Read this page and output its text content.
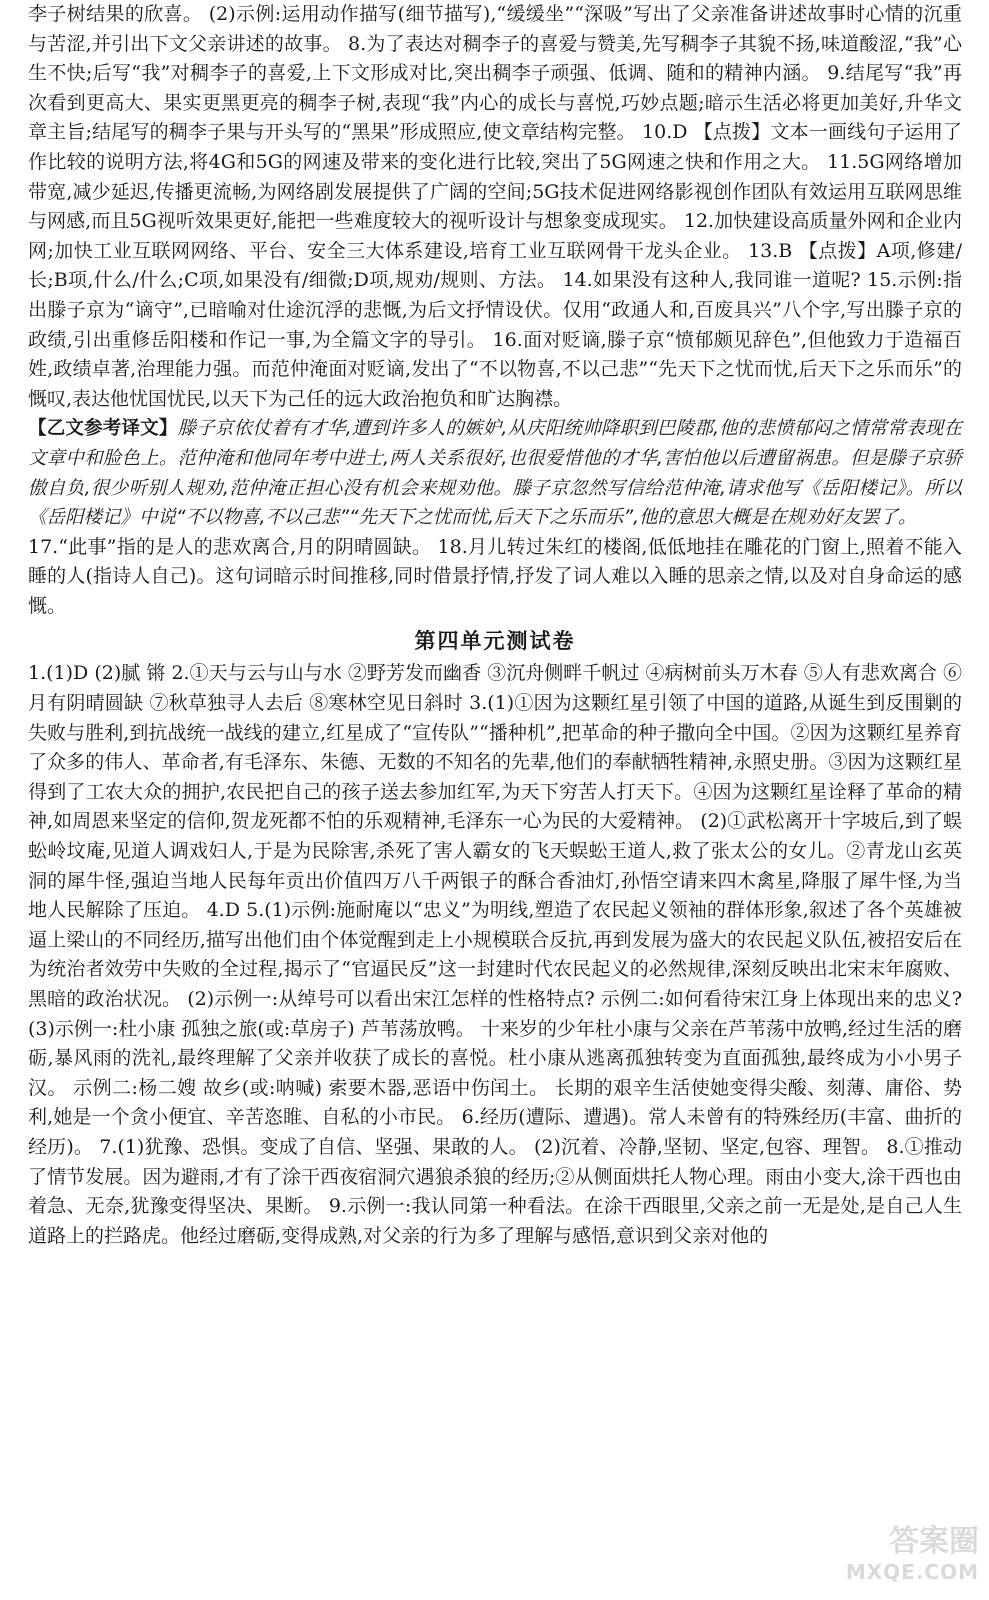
李子树结果的欣喜。 (2)示例:运用动作描写(细节描写),“缓缓坐”“深吸”写出了父亲准备讲述故事时心情的沉重与苦涩,并引出下文父亲讲述的故事。 8.为了表达对稠李子的喜爱与赞美,先写稠李子其貌不扬,味道酸涩,“我”心生不快;后写“我”对稠李子的喜爱,上下文形成对比,突出稠李子顽强、低调、随和的精神内涵。 9.结尾写“我”再次看到更高大、果实更黑更亮的稠李子树,表现“我”内心的成长与喜悦,巧妙点题;暗示生活必将更加美好,升华文章主旨;结尾写的稠李子果与开头写的“黑果”形成照应,使文章结构完整。 10.D 【点拨】文本一画线句子运用了作比较的说明方法,将4G和5G的网速及带来的变化进行比较,突出了5G网速之快和作用之大。 11.5G网络增加带宽,减少延迟,传播更流畅,为网络剧发展提供了广阔的空间;5G技术促进网络影视创作团队有效运用互联网思维与网感,而且5G视听效果更好,能把一些难度较大的视听设计与想象变成现实。 12.加快建设高质量外网和企业内网;加快工业互联网网络、平台、安全三大体系建设,培育工业互联网骨干龙头企业。 13.B 【点拨】A项,修建/长;B项,什么/什么;C项,如果没有/细微;D项,规劝/规则、方法。 14.如果没有这种人,我同谁一道呢? 15.示例:指出滕子京为“谪守”,已暗喻对仕途沉浮的悲慨,为后文抒情设伏。仅用“政通人和,百废具兴”八个字,写出滕子京的政绩,引出重修岳阳楼和作记一事,为全篇文字的导引。 16.面对贬谪,滕子京“愤郁颇见辞色”,但他致力于造福百姓,政绩卓著,治理能力强。而范仲淹面对贬谪,发出了“不以物喜,不以己悲”“先天下之忧而忧,后天下之乐而乐”的慨叹,表达他忧国忧民,以天下为己任的远大政治抱负和旷达胸襟。

【乙文参考译文】滕子京依仗着有才华,遭到许多人的嫉妒,从庆阳统帅降职到巴陵郡,他的悲愤郁闷之情常常表现在文章中和脸色上。范仲淹和他同年考中进士,两人关系很好,也很爱惜他的才华,害怕他以后遭留祸患。但是滕子京骄傲自负,很少听别人规劝,范仲淹正担心没有机会来规劝他。滕子京忽然写信给范仲淹,请求他写《岳阳楼记》。所以《岳阳楼记》中说“不以物喜,不以己悲”“先天下之忧而忧,后天下之乐而乐”,他的意思大概是在规劝好友罢了。

17.“此事”指的是人的悲欢离合,月的阴晴圆缺。 18.月儿转过朱红的楼阁,低低地挂在雕花的门窗上,照着不能入睡的人(指诗人自己)。这句词暗示时间推移,同时借景抒情,抒发了词人难以入睡的思亲之情,以及对自身命运的感慨。

第四单元测试卷

1.(1)D (2)腻 锵 2.①天与云与山与水 ②野芳发而幽香 ③沉舟侧畔千帆过 ④病树前头万木春 ⑤人有悲欢离合 ⑥月有阴晴圆缺 ⑦秋草独寻人去后 ⑧寒林空见日斜时 3.(1)①因为这颗红星引领了中国的道路,从诞生到反围剿的失败与胜利,到抗战统一战线的建立,红星成了“宣传队”“播种机”,把革命的种子撒向全中国。②因为这颗红星养育了众多的伟人、革命者,有毛泽东、朱德、无数的不知名的先辈,他们的奉献牺牲精神,永照史册。③因为这颗红星得到了工农大众的拥护,农民把自己的孩子送去参加红军,为天下穷苦人打天下。④因为这颗红星诠释了革命的精神,如周恩来坚定的信仰,贺龙死都不怕的乐观精神,毛泽东一心为民的大爱精神。 (2)①武松离开十字坡后,到了蜈蚣岭坟庵,见道人调戏妇人,于是为民除害,杀死了害人霸女的飞天蜈蚣王道人,救了张太公的女儿。②青龙山玄英洞的犀牛怪,强迫当地人民每年贡出价值四万八千两银子的酥合香油灯,孙悟空请来四木禽星,降服了犀牛怪,为当地人民解除了压迫。 4.D 5.(1)示例:施耐庵以“忠义”为明线,塑造了农民起义领袖的群体形象,叙述了各个英雄被逼上梁山的不同经历,描写出他们由个体觉醒到走上小规模联合反抗,再到发展为盛大的农民起义队伍,被招安后在为统治者效劳中失败的全过程,揭示了“官逼民反”这一封建时代农民起义的必然规律,深刻反映出北宋末年腐败、黑暗的政治状况。 (2)示例一:从绰号可以看出宋江怎样的性格特点? 示例二:如何看待宋江身上体现出来的忠义? (3)示例一:杜小康 孤独之旅(或:草房子) 芦苇荡放鸭。 十来岁的少年杜小康与父亲在芦苇荡中放鸭,经过生活的磨砺,暴风雨的洗礼,最终理解了父亲并收获了成长的喜悦。杜小康从逃离孤独转变为直面孤独,最终成为小小男子汉。 示例二:杨二嫂 故乡(或:呐喊) 索要木器,恶语中伤闰土。 长期的艰辛生活使她变得尖酸、刻薄、庸俗、势利,她是一个贪小便宜、辛苦恣睢、自私的小市民。 6.经历(遭际、遭遇)。常人未曾有的特殊经历(丰富、曲折的经历)。 7.(1)犹豫、恐惧。变成了自信、坚强、果敢的人。 (2)沉着、冷静,坚韧、坚定,包容、理智。 8.①推动了情节发展。因为避雨,才有了涂干西夜宿洞穴遇狼杀狼的经历;②从侧面烘托人物心理。雨由小变大,涂干西也由着急、无奈,犹豫变得坚决、果断。 9.示例一:我认同第一种看法。在涂干西眼里,父亲之前一无是处,是自己人生道路上的拦路虎。他经过磨砺,变得成熟,对父亲的行为多了理解与感悟,意识到父亲对他的

答案圈
MXQE.COM
